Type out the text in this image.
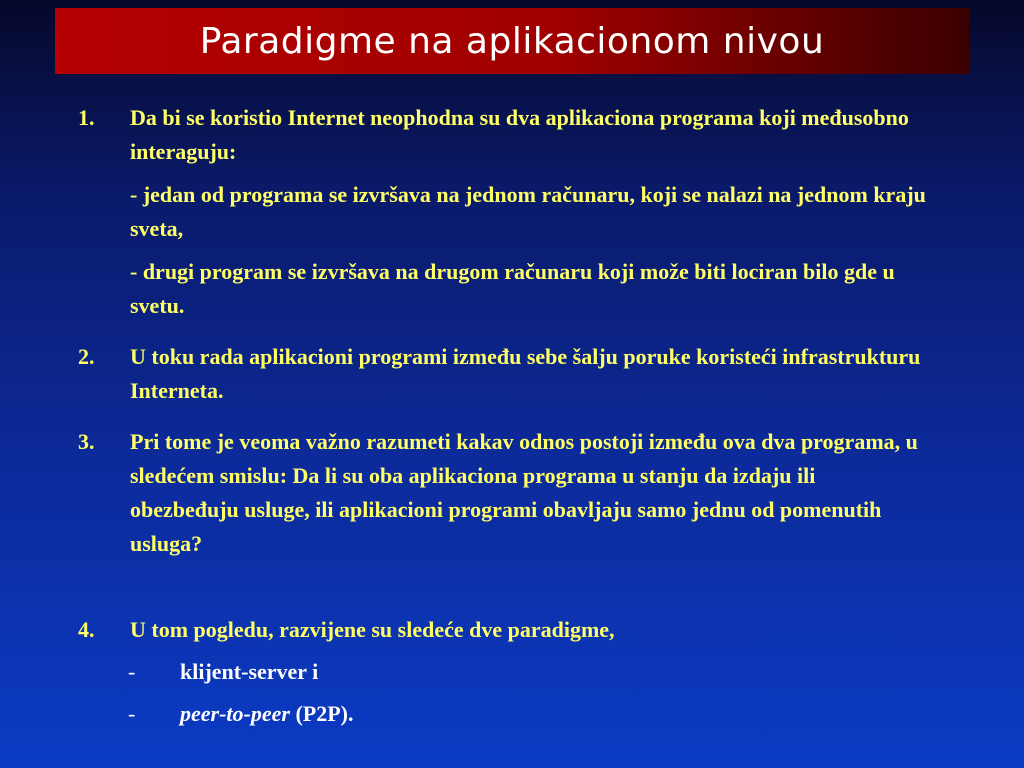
Paradigme na aplikacionom nivou
1. Da bi se koristio Internet neophodna su dva aplikaciona programa koji međusobno interaguju:
- jedan od programa se izvršava na jednom računaru, koji se nalazi na jednom kraju sveta,
- drugi program se izvršava na drugom računaru koji može biti lociran bilo gde u svetu.
2. U toku rada aplikacioni programi između sebe šalju poruke koristeći infrastrukturu Interneta.
3. Pri tome je veoma važno razumeti kakav odnos postoji između ova dva programa, u sledećem smislu: Da li su oba aplikaciona programa u stanju da izdaju ili obezbeđuju usluge, ili aplikacioni programi obavljaju samo jednu od pomenutih usluga?
4. U tom pogledu, razvijene su sledeće dve paradigme,
- klijent-server i
- peer-to-peer (P2P).
